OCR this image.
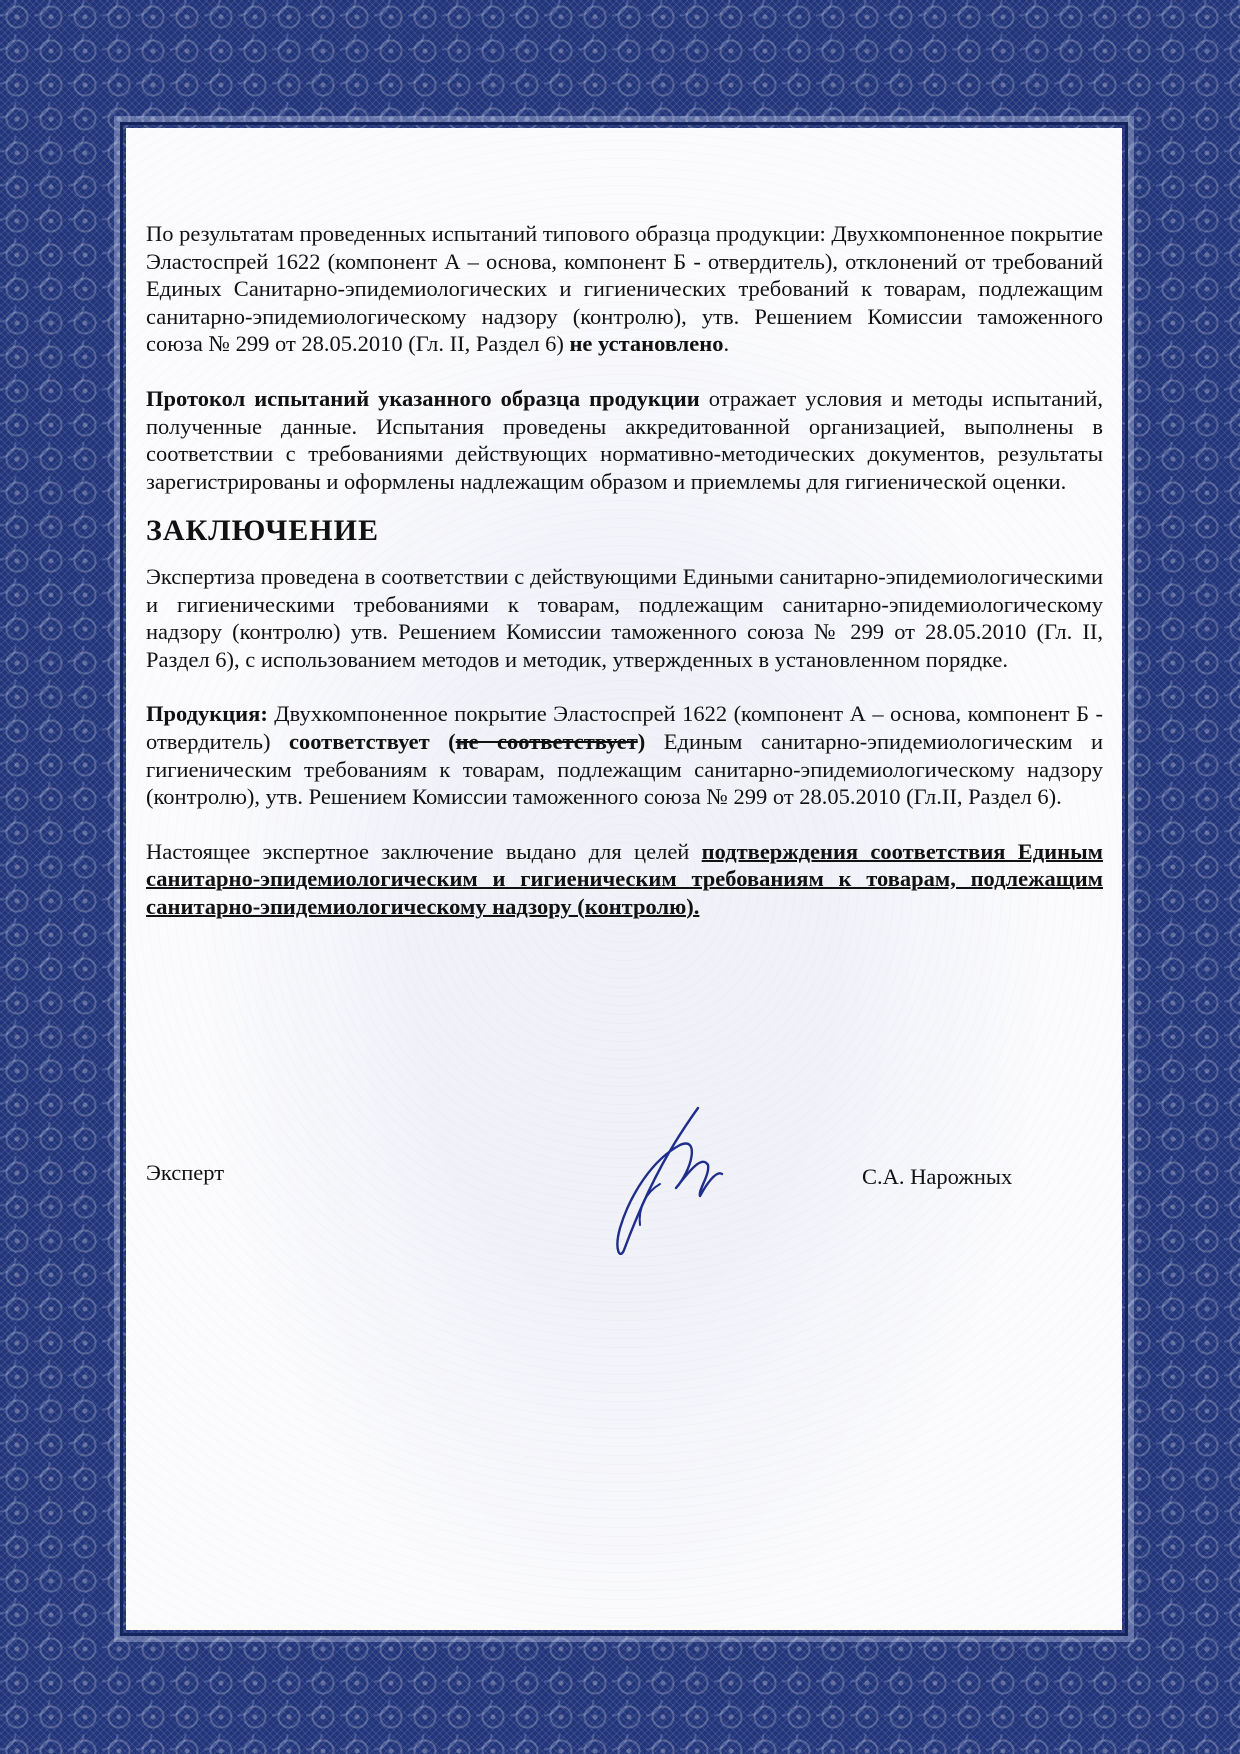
По результатам проведенных испытаний типового образца продукции: Двухкомпоненное покрытие Эластоспрей 1622 (компонент А – основа, компонент Б - отвердитель), отклонений от требований Единых Санитарно-эпидемиологических и гигиенических требований к товарам, подлежащим санитарно-эпидемиологическому надзору (контролю), утв. Решением Комиссии таможенного союза № 299 от 28.05.2010 (Гл. II, Раздел 6) не установлено.

Протокол испытаний указанного образца продукции отражает условия и методы испытаний, полученные данные. Испытания проведены аккредитованной организацией, выполнены в соответствии с требованиями действующих нормативно-методических документов, результаты зарегистрированы и оформлены надлежащим образом и приемлемы для гигиенической оценки.

ЗАКЛЮЧЕНИЕ

Экспертиза проведена в соответствии с действующими Едиными санитарно-эпидемиологическими и гигиеническими требованиями к товарам, подлежащим санитарно-эпидемиологическому надзору (контролю) утв. Решением Комиссии таможенного союза № 299 от 28.05.2010 (Гл. II, Раздел 6), с использованием методов и методик, утвержденных в установленном порядке.

Продукция: Двухкомпоненное покрытие Эластоспрей 1622 (компонент А – основа, компонент Б - отвердитель) соответствует (не соответствует) Единым санитарно-эпидемиологическим и гигиеническим требованиям к товарам, подлежащим санитарно-эпидемиологическому надзору (контролю), утв. Решением Комиссии таможенного союза № 299 от 28.05.2010 (Гл.II, Раздел 6).

Настоящее экспертное заключение выдано для целей подтверждения соответствия Единым санитарно-эпидемиологическим и гигиеническим требованиям к товарам, подлежащим санитарно-эпидемиологическому надзору (контролю).

Эксперт	С.А. Нарожных
